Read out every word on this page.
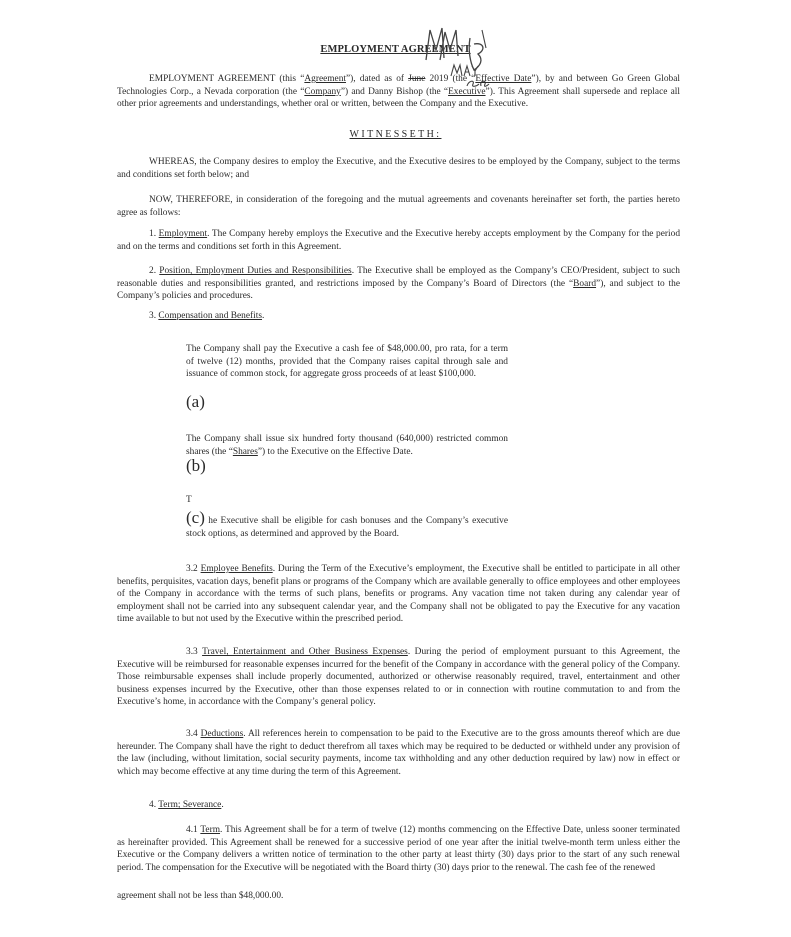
EMPLOYMENT AGREEMENT
EMPLOYMENT AGREEMENT (this “Agreement”), dated as of June 2019 (the “Effective Date”), by and between Go Green Global Technologies Corp., a Nevada corporation (the “Company”) and Danny Bishop (the “Executive”). This Agreement shall supersede and replace all other prior agreements and understandings, whether oral or written, between the Company and the Executive.
WITNESSETH:
WHEREAS, the Company desires to employ the Executive, and the Executive desires to be employed by the Company, subject to the terms and conditions set forth below; and
NOW, THEREFORE, in consideration of the foregoing and the mutual agreements and covenants hereinafter set forth, the parties hereto agree as follows:
1. Employment. The Company hereby employs the Executive and the Executive hereby accepts employment by the Company for the period and on the terms and conditions set forth in this Agreement.
2. Position, Employment Duties and Responsibilities. The Executive shall be employed as the Company’s CEO/President, subject to such reasonable duties and responsibilities granted, and restrictions imposed by the Company’s Board of Directors (the “Board”), and subject to the Company’s policies and procedures.
3. Compensation and Benefits.
The Company shall pay the Executive a cash fee of $48,000.00, pro rata, for a term of twelve (12) months, provided that the Company raises capital through sale and issuance of common stock, for aggregate gross proceeds of at least $100,000.
(a)
The Company shall issue six hundred forty thousand (640,000) restricted common shares (the “Shares”) to the Executive on the Effective Date.
(b)
T
(c) he Executive shall be eligible for cash bonuses and the Company’s executive stock options, as determined and approved by the Board.
3.2 Employee Benefits. During the Term of the Executive’s employment, the Executive shall be entitled to participate in all other benefits, perquisites, vacation days, benefit plans or programs of the Company which are available generally to office employees and other employees of the Company in accordance with the terms of such plans, benefits or programs. Any vacation time not taken during any calendar year of employment shall not be carried into any subsequent calendar year, and the Company shall not be obligated to pay the Executive for any vacation time available to but not used by the Executive within the prescribed period.
3.3 Travel, Entertainment and Other Business Expenses. During the period of employment pursuant to this Agreement, the Executive will be reimbursed for reasonable expenses incurred for the benefit of the Company in accordance with the general policy of the Company. Those reimbursable expenses shall include properly documented, authorized or otherwise reasonably required, travel, entertainment and other business expenses incurred by the Executive, other than those expenses related to or in connection with routine commutation to and from the Executive’s home, in accordance with the Company’s general policy.
3.4 Deductions. All references herein to compensation to be paid to the Executive are to the gross amounts thereof which are due hereunder. The Company shall have the right to deduct therefrom all taxes which may be required to be deducted or withheld under any provision of the law (including, without limitation, social security payments, income tax withholding and any other deduction required by law) now in effect or which may become effective at any time during the term of this Agreement.
4. Term; Severance.
4.1 Term. This Agreement shall be for a term of twelve (12) months commencing on the Effective Date, unless sooner terminated as hereinafter provided. This Agreement shall be renewed for a successive period of one year after the initial twelve-month term unless either the Executive or the Company delivers a written notice of termination to the other party at least thirty (30) days prior to the start of any such renewal period. The compensation for the Executive will be negotiated with the Board thirty (30) days prior to the renewal. The cash fee of the renewed
agreement shall not be less than $48,000.00.
